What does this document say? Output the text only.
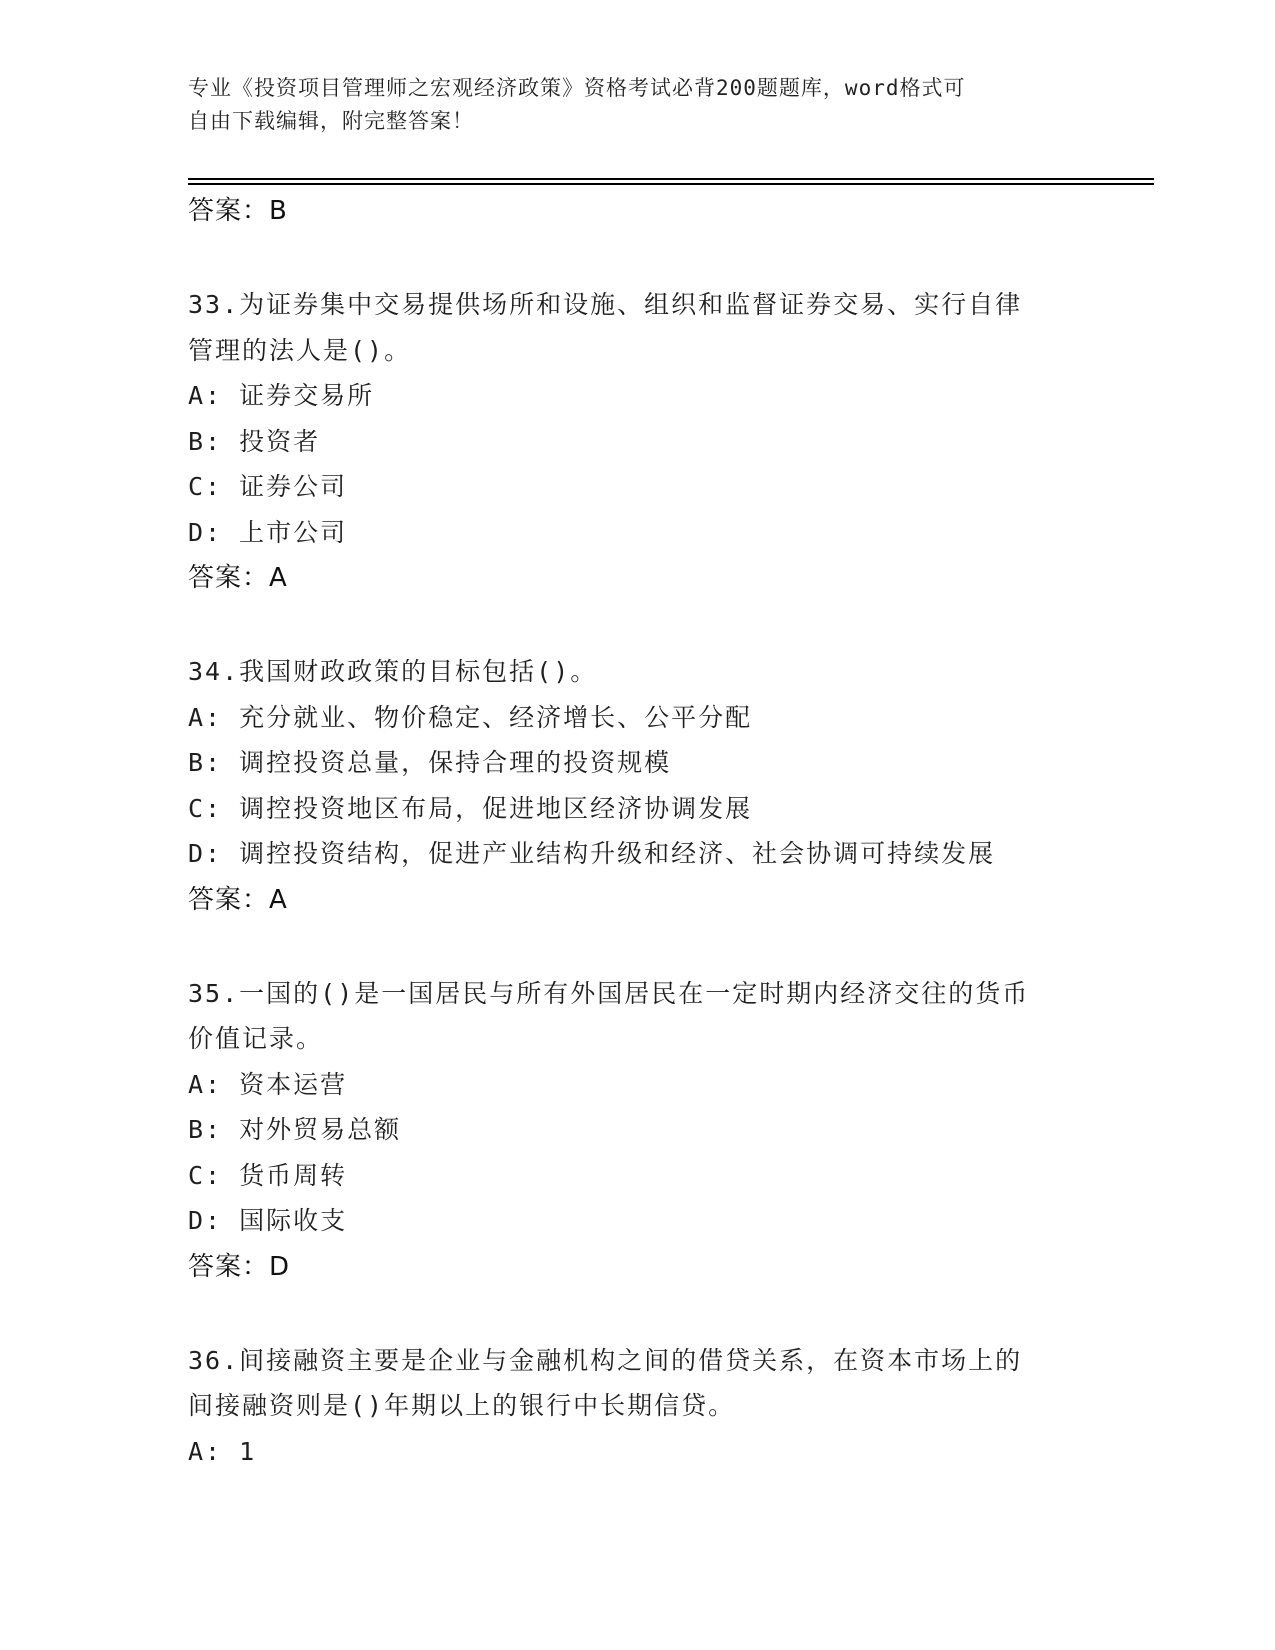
专业《投资项目管理师之宏观经济政策》资格考试必背200题题库，word格式可
自由下载编辑，附完整答案！
答案：B
33.为证券集中交易提供场所和设施、组织和监督证券交易、实行自律
管理的法人是()。
A: 证券交易所
B: 投资者
C: 证券公司
D: 上市公司
答案：A
34.我国财政政策的目标包括()。
A: 充分就业、物价稳定、经济增长、公平分配
B: 调控投资总量，保持合理的投资规模
C: 调控投资地区布局，促进地区经济协调发展
D: 调控投资结构，促进产业结构升级和经济、社会协调可持续发展
答案：A
35.一国的()是一国居民与所有外国居民在一定时期内经济交往的货币
价值记录。
A: 资本运营
B: 对外贸易总额
C: 货币周转
D: 国际收支
答案：D
36.间接融资主要是企业与金融机构之间的借贷关系，在资本市场上的
间接融资则是()年期以上的银行中长期信贷。
A: 1
